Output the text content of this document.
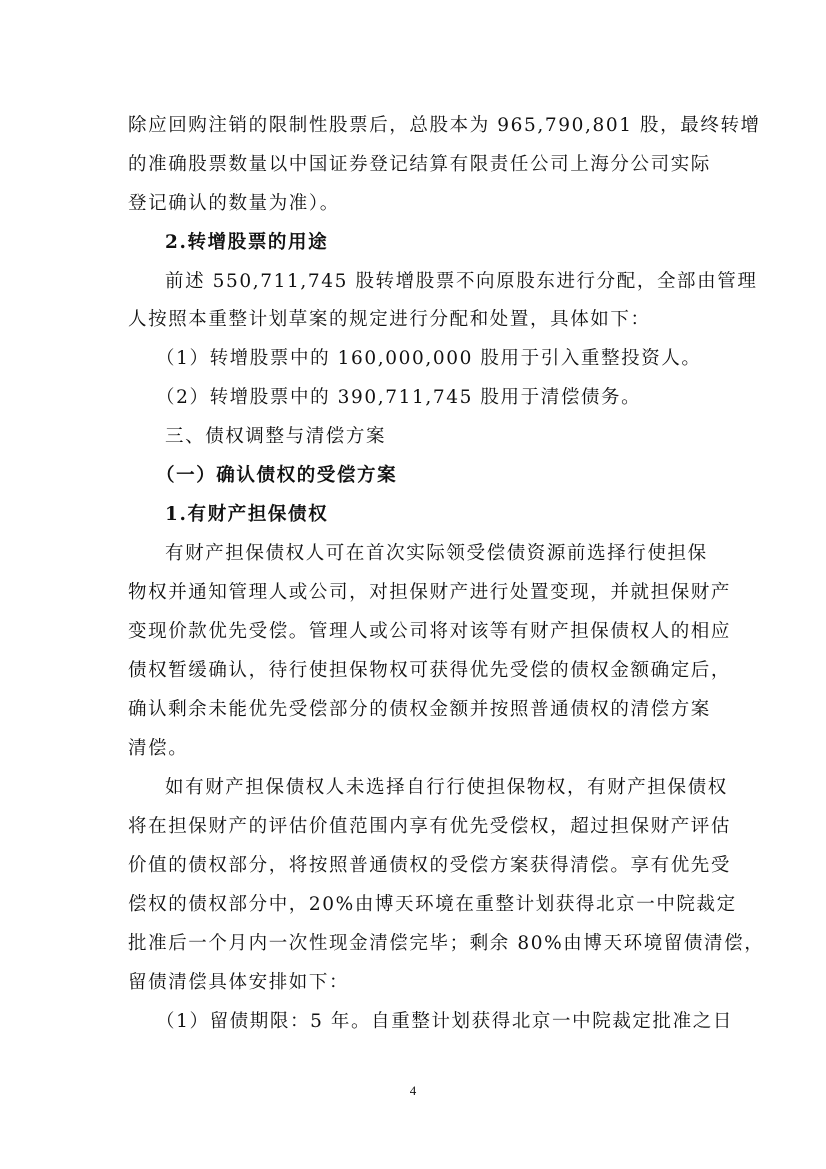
除应回购注销的限制性股票后，总股本为 965,790,801 股，最终转增
的准确股票数量以中国证券登记结算有限责任公司上海分公司实际
登记确认的数量为准）。
2.转增股票的用途
前述 550,711,745 股转增股票不向原股东进行分配，全部由管理
人按照本重整计划草案的规定进行分配和处置，具体如下：
（1）转增股票中的 160,000,000 股用于引入重整投资人。
（2）转增股票中的 390,711,745 股用于清偿债务。
三、债权调整与清偿方案
（一）确认债权的受偿方案
1.有财产担保债权
有财产担保债权人可在首次实际领受偿债资源前选择行使担保
物权并通知管理人或公司，对担保财产进行处置变现，并就担保财产
变现价款优先受偿。管理人或公司将对该等有财产担保债权人的相应
债权暂缓确认，待行使担保物权可获得优先受偿的债权金额确定后，
确认剩余未能优先受偿部分的债权金额并按照普通债权的清偿方案
清偿。
如有财产担保债权人未选择自行行使担保物权，有财产担保债权
将在担保财产的评估价值范围内享有优先受偿权，超过担保财产评估
价值的债权部分，将按照普通债权的受偿方案获得清偿。享有优先受
偿权的债权部分中，20%由博天环境在重整计划获得北京一中院裁定
批准后一个月内一次性现金清偿完毕；剩余 80%由博天环境留债清偿，
留债清偿具体安排如下：
（1）留债期限：5 年。自重整计划获得北京一中院裁定批准之日
4
